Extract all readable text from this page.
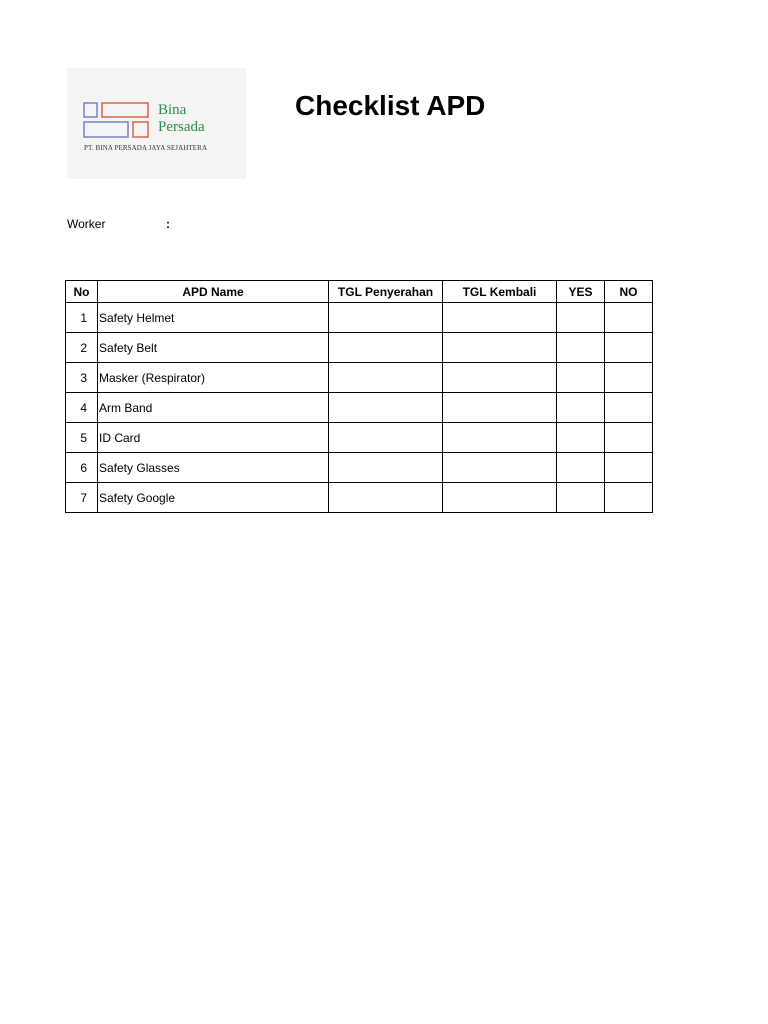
Bina
Persada
PT. BINA PERSADA JAYA SEJAHTERA
Checklist APD
Worker	:
No	APD Name	TGL Penyerahan	TGL Kembali	YES	NO
1	Safety Helmet				
2	Safety Belt				
3	Masker (Respirator)				
4	Arm Band				
5	ID Card				
6	Safety Glasses				
7	Safety Google				
